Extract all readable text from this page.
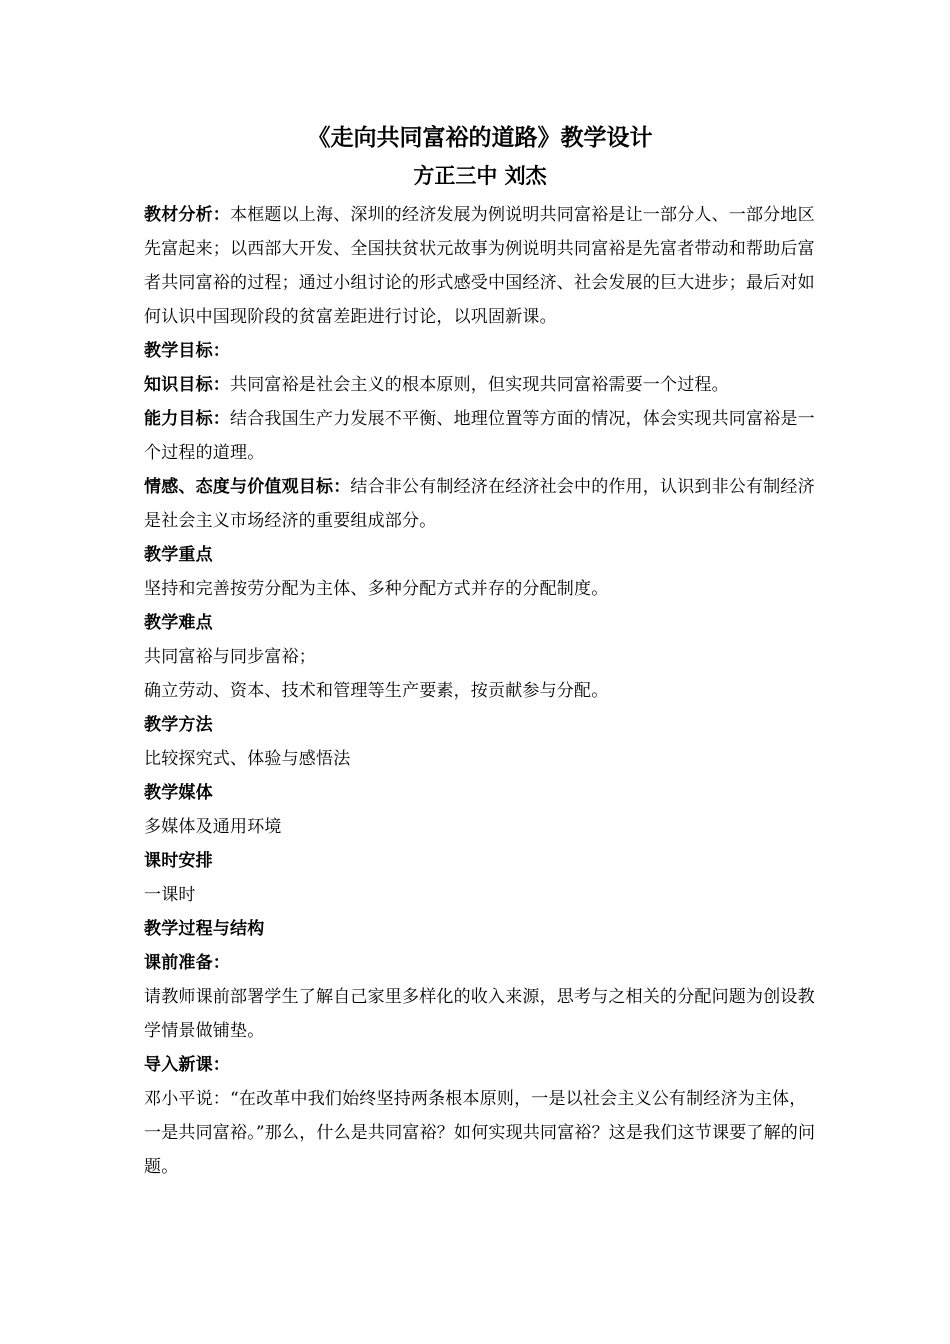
《走向共同富裕的道路》教学设计
方正三中 刘杰

教材分析：本框题以上海、深圳的经济发展为例说明共同富裕是让一部分人、一部分地区先富起来；以西部大开发、全国扶贫状元故事为例说明共同富裕是先富者带动和帮助后富者共同富裕的过程；通过小组讨论的形式感受中国经济、社会发展的巨大进步；最后对如何认识中国现阶段的贫富差距进行讨论，以巩固新课。

教学目标：

知识目标：共同富裕是社会主义的根本原则，但实现共同富裕需要一个过程。

能力目标：结合我国生产力发展不平衡、地理位置等方面的情况，体会实现共同富裕是一个过程的道理。

情感、态度与价值观目标：结合非公有制经济在经济社会中的作用，认识到非公有制经济是社会主义市场经济的重要组成部分。

教学重点

坚持和完善按劳分配为主体、多种分配方式并存的分配制度。

教学难点

共同富裕与同步富裕；

确立劳动、资本、技术和管理等生产要素，按贡献参与分配。

教学方法

比较探究式、体验与感悟法

教学媒体

多媒体及通用环境

课时安排

一课时

教学过程与结构

课前准备：

请教师课前部署学生了解自己家里多样化的收入来源，思考与之相关的分配问题为创设教学情景做铺垫。

导入新课：

邓小平说：“在改革中我们始终坚持两条根本原则，一是以社会主义公有制经济为主体，一是共同富裕。”那么，什么是共同富裕？如何实现共同富裕？这是我们这节课要了解的问题。
